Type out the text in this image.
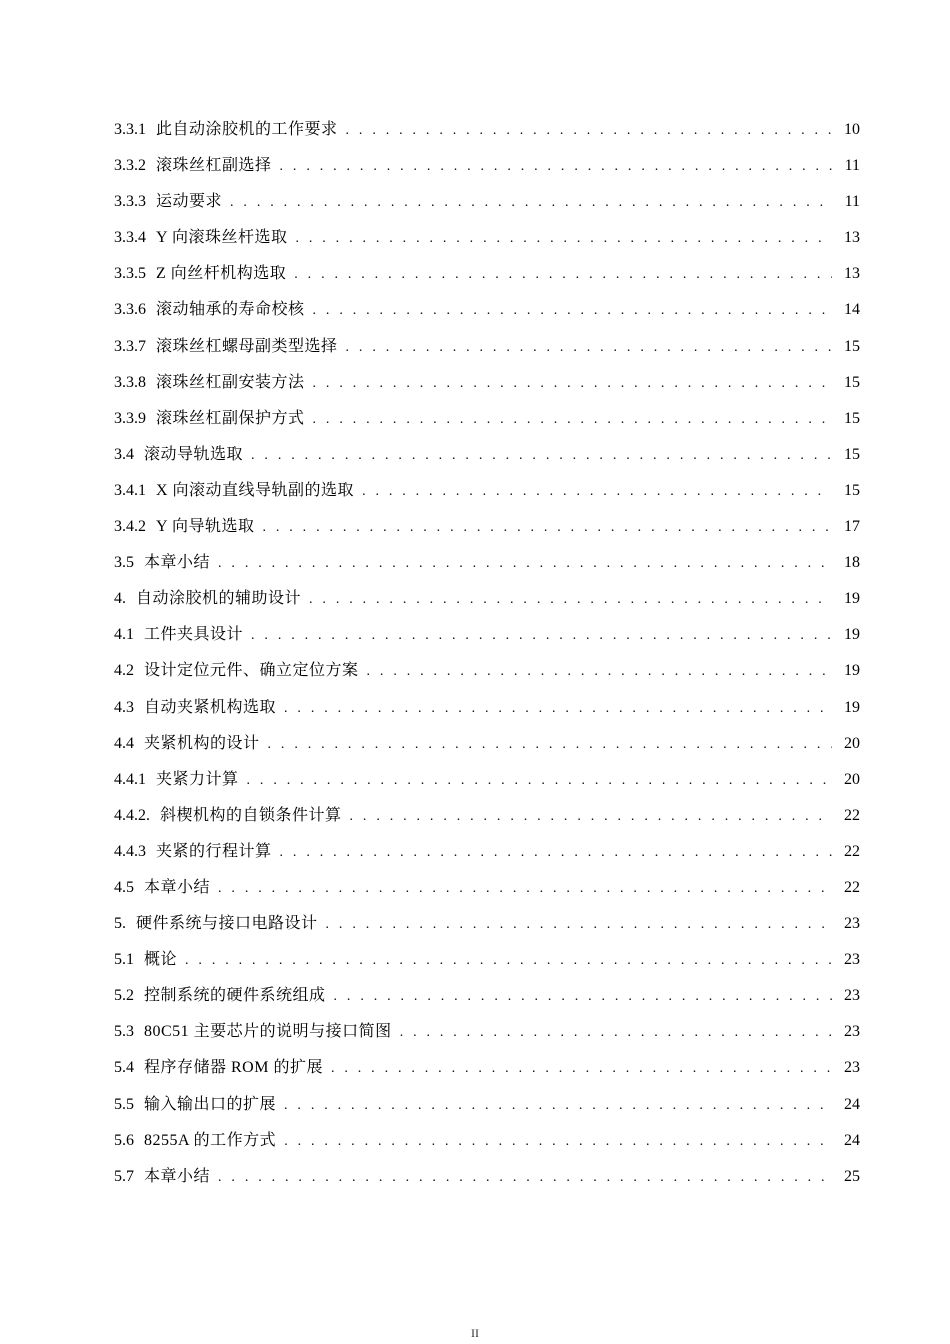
3.3.1 此自动涂胶机的工作要求 . . .	10
3.3.2 滚珠丝杠副选择 . . .	11
3.3.3 运动要求 . . .	11
3.3.4 Y 向滚珠丝杆选取 . . .	13
3.3.5 Z 向丝杆机构选取 . . .	13
3.3.6 滚动轴承的寿命校核 . . .	14
3.3.7 滚珠丝杠螺母副类型选择 . . .	15
3.3.8 滚珠丝杠副安装方法 . . .	15
3.3.9 滚珠丝杠副保护方式 . . .	15
3.4 滚动导轨选取 . . .	15
3.4.1 X 向滚动直线导轨副的选取 . . .	15
3.4.2 Y 向导轨选取 . . .	17
3.5 本章小结 . . .	18
4. 自动涂胶机的辅助设计 . . .	19
4.1 工件夹具设计 . . .	19
4.2 设计定位元件、确立定位方案 . . .	19
4.3 自动夹紧机构选取 . . .	19
4.4 夹紧机构的设计 . . .	20
4.4.1 夹紧力计算 . . .	20
4.4.2. 斜楔机构的自锁条件计算 . . .	22
4.4.3 夹紧的行程计算 . . .	22
4.5 本章小结 . . .	22
5. 硬件系统与接口电路设计 . . .	23
5.1 概论 . . .	23
5.2 控制系统的硬件系统组成 . . .	23
5.3 80C51 主要芯片的说明与接口简图 . . .	23
5.4 程序存储器 ROM 的扩展 . . .	23
5.5 输入输出口的扩展 . . .	24
5.6 8255A 的工作方式 . . .	24
5.7 本章小结 . . .	25
II
